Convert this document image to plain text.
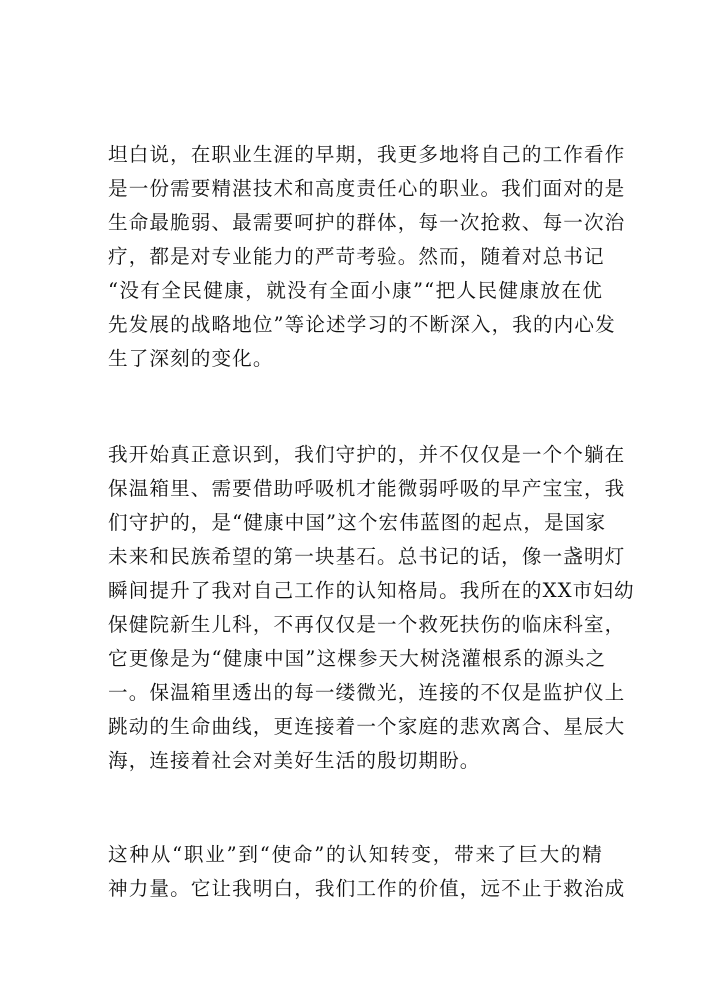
坦白说，在职业生涯的早期，我更多地将自己的工作看作
是一份需要精湛技术和高度责任心的职业。我们面对的是
生命最脆弱、最需要呵护的群体，每一次抢救、每一次治
疗，都是对专业能力的严苛考验。然而，随着对总书记
“没有全民健康，就没有全面小康”“把人民健康放在优
先发展的战略地位”等论述学习的不断深入，我的内心发
生了深刻的变化。
我开始真正意识到，我们守护的，并不仅仅是一个个躺在
保温箱里、需要借助呼吸机才能微弱呼吸的早产宝宝，我
们守护的，是“健康中国”这个宏伟蓝图的起点，是国家
未来和民族希望的第一块基石。总书记的话，像一盏明灯
瞬间提升了我对自己工作的认知格局。我所在的XX市妇幼
保健院新生儿科，不再仅仅是一个救死扶伤的临床科室，
它更像是为“健康中国”这棵参天大树浇灌根系的源头之
一。保温箱里透出的每一缕微光，连接的不仅是监护仪上
跳动的生命曲线，更连接着一个家庭的悲欢离合、星辰大
海，连接着社会对美好生活的殷切期盼。
这种从“职业”到“使命”的认知转变，带来了巨大的精
神力量。它让我明白，我们工作的价值，远不止于救治成
